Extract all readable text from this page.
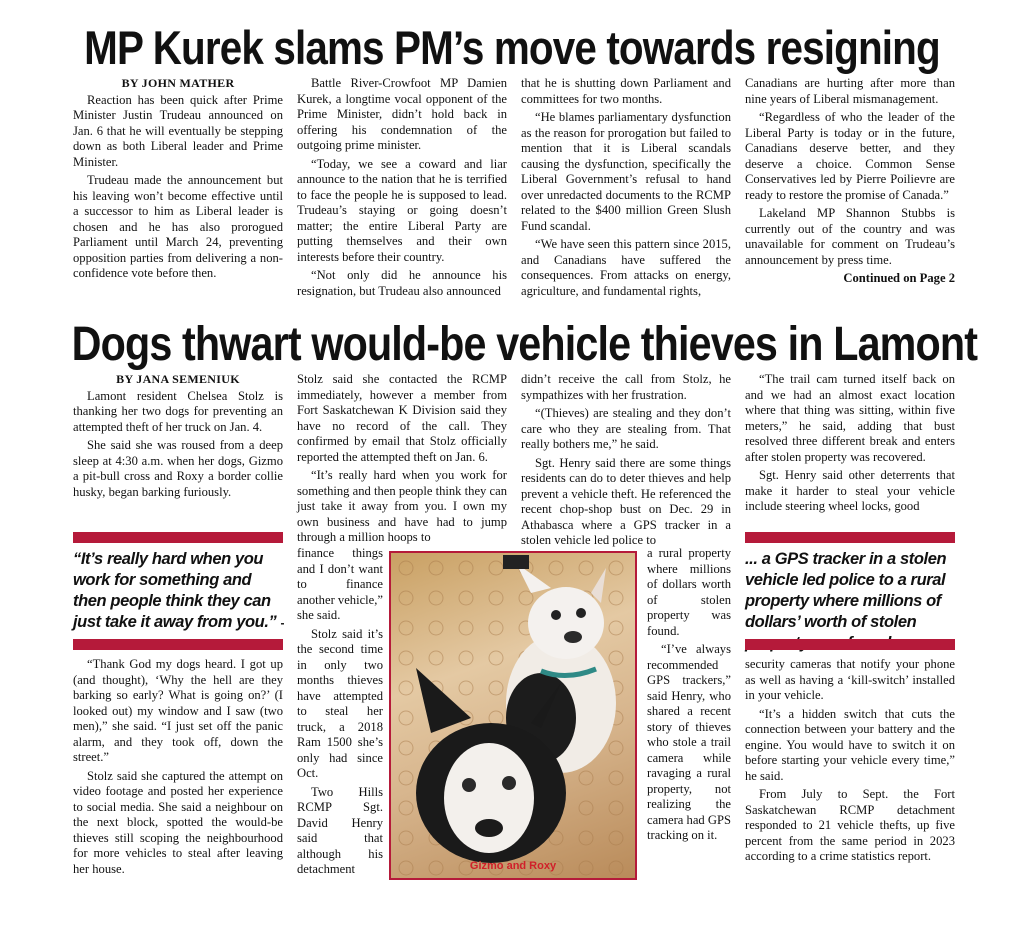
MP Kurek slams PM’s move towards resigning
BY JOHN MATHER

Reaction has been quick after Prime Minister Justin Trudeau announced on Jan. 6 that he will eventually be stepping down as both Liberal leader and Prime Minister.

Trudeau made the announcement but his leaving won’t become effective until a successor to him as Liberal leader is chosen and he has also prorogued Parliament until March 24, preventing opposition parties from delivering a non-confidence vote before then.

Battle River-Crowfoot MP Damien Kurek, a longtime vocal opponent of the Prime Minister, didn’t hold back in offering his condemnation of the outgoing prime minister.

“Today, we see a coward and liar announce to the nation that he is terrified to face the people he is supposed to lead. Trudeau’s staying or going doesn’t matter; the entire Liberal Party are putting themselves and their own interests before their country.

“Not only did he announce his resignation, but Trudeau also announced

that he is shutting down Parliament and committees for two months.

“He blames parliamentary dysfunction as the reason for prorogation but failed to mention that it is Liberal scandals causing the dysfunction, specifically the Liberal Government’s refusal to hand over unredacted documents to the RCMP related to the $400 million Green Slush Fund scandal.

“We have seen this pattern since 2015, and Canadians have suffered the consequences. From attacks on energy, agriculture, and fundamental rights,

Canadians are hurting after more than nine years of Liberal mismanagement.

“Regardless of who the leader of the Liberal Party is today or in the future, Canadians deserve better, and they deserve a choice. Common Sense Conservatives led by Pierre Poilievre are ready to restore the promise of Canada.”

Lakeland MP Shannon Stubbs is currently out of the country and was unavailable for comment on Trudeau’s announcement by press time.

Continued on Page 2
Dogs thwart would-be vehicle thieves in Lamont
BY JANA SEMENIUK

Lamont resident Chelsea Stolz is thanking her two dogs for preventing an attempted theft of her truck on Jan. 4.

She said she was roused from a deep sleep at 4:30 a.m. when her dogs, Gizmo a pit-bull cross and Roxy a border collie husky, began barking furiously.

“It’s really hard when you work for something and then people think they can just take it away from you.” -

“Thank God my dogs heard. I got up (and thought), ‘Why the hell are they barking so early? What is going on?’ (I looked out) my window and I saw (two men),” she said. “I just set off the panic alarm, and they took off, down the street.”

Stolz said she captured the attempt on video footage and posted her experience to social media. She said a neighbour on the next block, spotted the would-be thieves still scoping the neighbourhood for more vehicles to steal after leaving her house.

Stolz said she contacted the RCMP immediately, however a member from Fort Saskatchewan K Division said they have no record of the call. They confirmed by email that Stolz officially reported the attempted theft on Jan. 6.

“It’s really hard when you work for something and then people think they can just take it away from you. I own my own business and have had to jump through a million hoops to

finance things and I don’t want to finance another vehicle,” she said.

Stolz said it’s the second time in only two months thieves have attempted to steal her truck, a 2018 Ram 1500 she’s only had since Oct.

Two Hills RCMP Sgt. David Henry said that although his detachment	Gizmo and Roxy

didn’t receive the call from Stolz, he sympathizes with her frustration.

“(Thieves) are stealing and they don’t care who they are stealing from. That really bothers me,” he said.

Sgt. Henry said there are some things residents can do to deter thieves and help prevent a vehicle theft. He referenced the recent chop-shop bust on Dec. 29 in Athabasca where a GPS tracker in a stolen vehicle led police to

a rural property where millions of dollars worth of stolen property was found.

“I’ve always recommended GPS trackers,” said Henry, who shared a recent story of thieves who stole a trail camera while ravaging a rural property, not realizing the camera had GPS tracking on it.

“The trail cam turned itself back on and we had an almost exact location where that thing was sitting, within five meters,” he said, adding that bust resolved three different break and enters after stolen property was recovered.

Sgt. Henry said other deterrents that make it harder to steal your vehicle include steering wheel locks, good

... a GPS tracker in a stolen vehicle led police to a rural property where millions of dollars’ worth of stolen

security cameras that notify your phone as well as having a ‘kill-switch’ installed in your vehicle.

“It’s a hidden switch that cuts the connection between your battery and the engine. You would have to switch it on before starting your vehicle every time,” he said.

From July to Sept. the Fort Saskatchewan RCMP detachment responded to 21 vehicle thefts, up five percent from the same period in 2023 according to a crime statistics report.
